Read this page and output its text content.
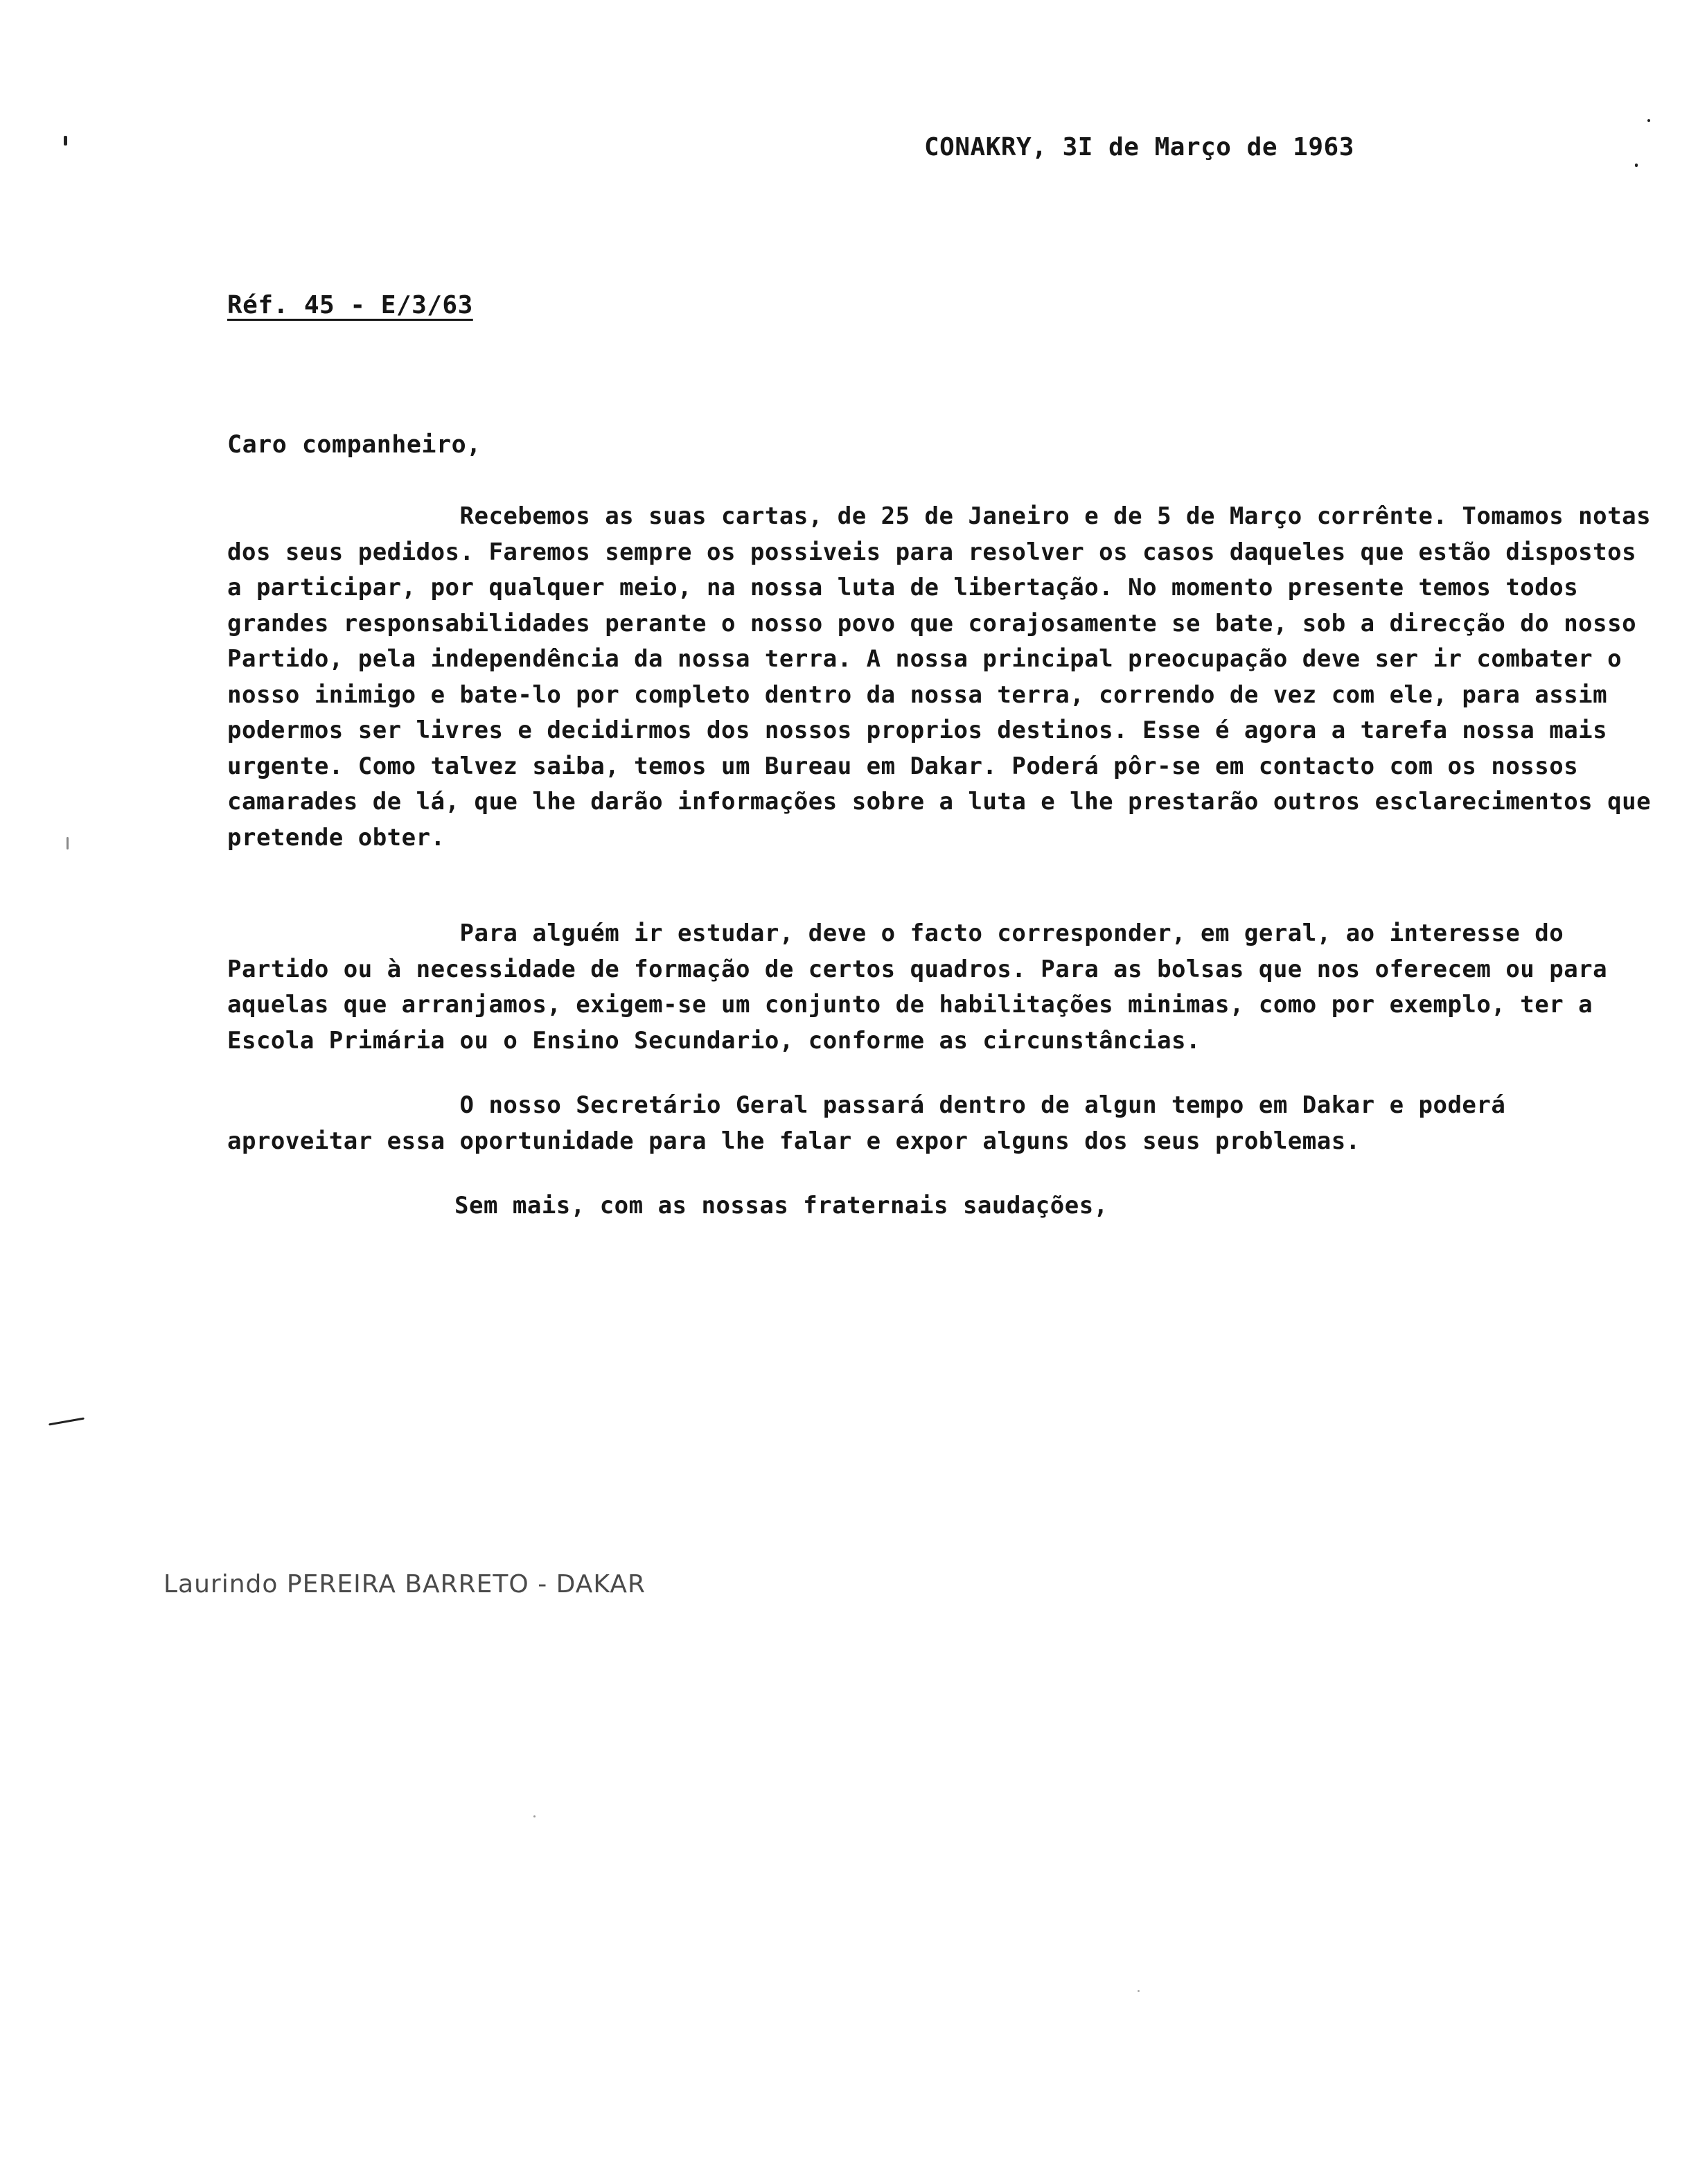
CONAKRY, 3I de Março de 1963
Réf. 45 - E/3/63
Caro companheiro,

Recebemos as suas cartas, de 25 de Janeiro e de 5 de Março corrênte. Tomamos notas dos seus pedidos. Faremos sempre os possiveis para resolver os casos daqueles que estão dispostos a participar, por qualquer meio, na nossa luta de libertação. No momento presente temos todos grandes responsabilidades perante o nosso povo que corajosamente se bate, sob a direcção do nosso Partido, pela independência da nossa terra. A nossa principal preocupação deve ser ir combater o nosso inimigo e bate-lo por completo dentro da nossa terra, correndo de vez com ele, para assim podermos ser livres e decidirmos dos nossos proprios destinos. Esse é agora a tarefa nossa mais urgente. Como talvez saiba, temos um Bureau em Dakar. Poderá pôr-se em contacto com os nossos camarades de lá, que lhe darão informações sobre a luta e lhe prestarão outros esclarecimentos que pretende obter.

Para alguém ir estudar, deve o facto corresponder, em geral, ao interesse do Partido ou à necessidade de formação de certos quadros. Para as bolsas que nos oferecem ou para aquelas que arranjamos, exigem-se um conjunto de habilitações minimas, como por exemplo, ter a Escola Primária ou o Ensino Secundario, conforme as circunstâncias.

O nosso Secretário Geral passará dentro de algun tempo em Dakar e poderá aproveitar essa oportunidade para lhe falar e expor alguns dos seus problemas.

Sem mais, com as nossas fraternais saudações,
Laurindo PEREIRA BARRETO - DAKAR
